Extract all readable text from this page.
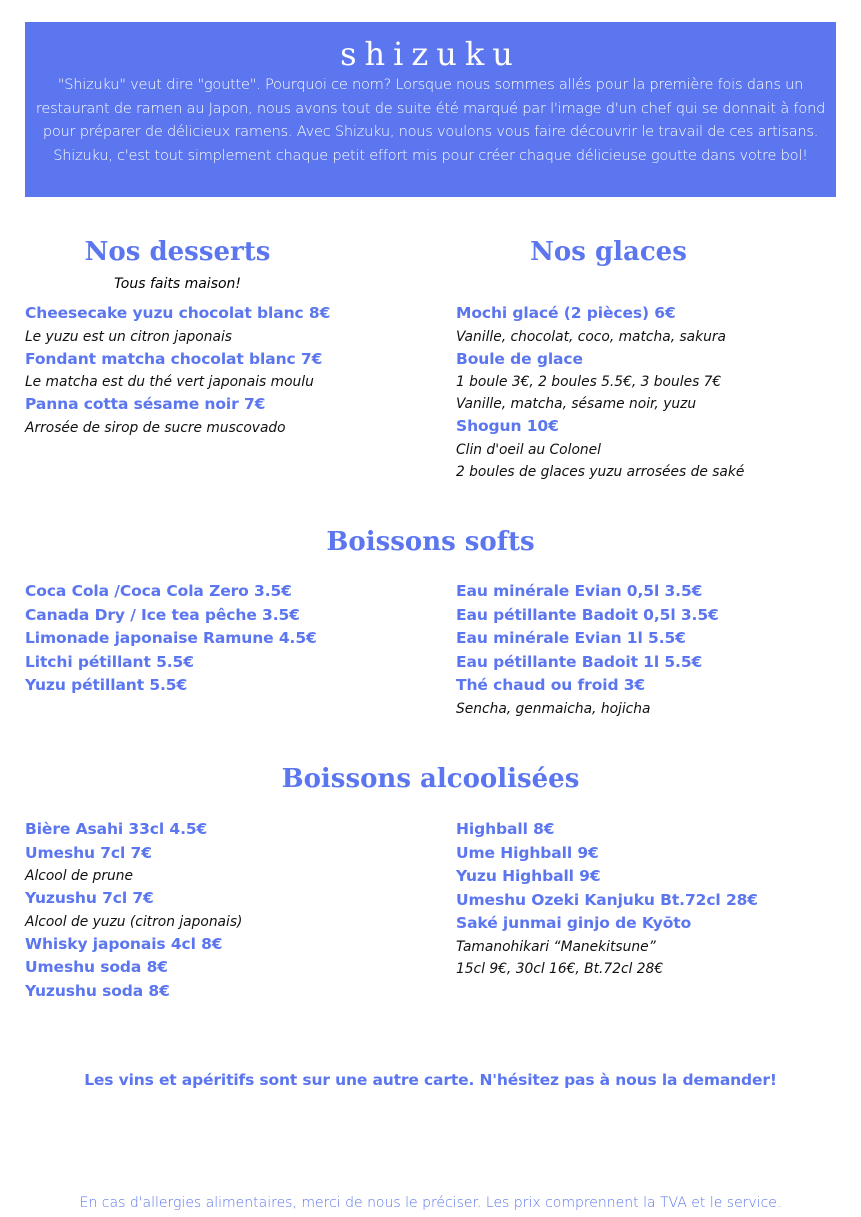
shizuku
"Shizuku" veut dire "goutte". Pourquoi ce nom? Lorsque nous sommes allés pour la première fois dans un restaurant de ramen au Japon, nous avons tout de suite été marqué par l'image d'un chef qui se donnait à fond pour préparer de délicieux ramens. Avec Shizuku, nous voulons vous faire découvrir le travail de ces artisans. Shizuku, c'est tout simplement chaque petit effort mis pour créer chaque délicieuse goutte dans votre bol!
Nos desserts
Tous faits maison!
Cheesecake yuzu chocolat blanc 8€
Le yuzu est un citron japonais
Fondant matcha chocolat blanc 7€
Le matcha est du thé vert japonais moulu
Panna cotta sésame noir 7€
Arrosée de sirop de sucre muscovado
Nos glaces
Mochi glacé (2 pièces) 6€
Vanille, chocolat, coco, matcha, sakura
Boule de glace
1 boule 3€, 2 boules 5.5€, 3 boules 7€
Vanille, matcha, sésame noir, yuzu
Shogun 10€
Clin d'oeil au Colonel
2 boules de glaces yuzu arrosées de saké
Boissons softs
Coca Cola /Coca Cola Zero 3.5€
Canada Dry / Ice tea pêche 3.5€
Limonade japonaise Ramune 4.5€
Litchi pétillant 5.5€
Yuzu pétillant 5.5€
Eau minérale Evian 0,5l 3.5€
Eau pétillante Badoit 0,5l 3.5€
Eau minérale Evian 1l 5.5€
Eau pétillante Badoit 1l 5.5€
Thé chaud ou froid 3€
Sencha, genmaicha, hojicha
Boissons alcoolisées
Bière Asahi 33cl 4.5€
Umeshu 7cl 7€
Alcool de prune
Yuzushu 7cl 7€
Alcool de yuzu (citron japonais)
Whisky japonais 4cl 8€
Umeshu soda 8€
Yuzushu soda 8€
Highball 8€
Ume Highball 9€
Yuzu Highball 9€
Umeshu Ozeki Kanjuku Bt.72cl 28€
Saké junmai ginjo de Kyōto
Tamanohikari “Manekitsune”
15cl 9€, 30cl 16€, Bt.72cl 28€
Les vins et apéritifs sont sur une autre carte. N'hésitez pas à nous la demander!
En cas d'allergies alimentaires, merci de nous le préciser. Les prix comprennent la TVA et le service.
